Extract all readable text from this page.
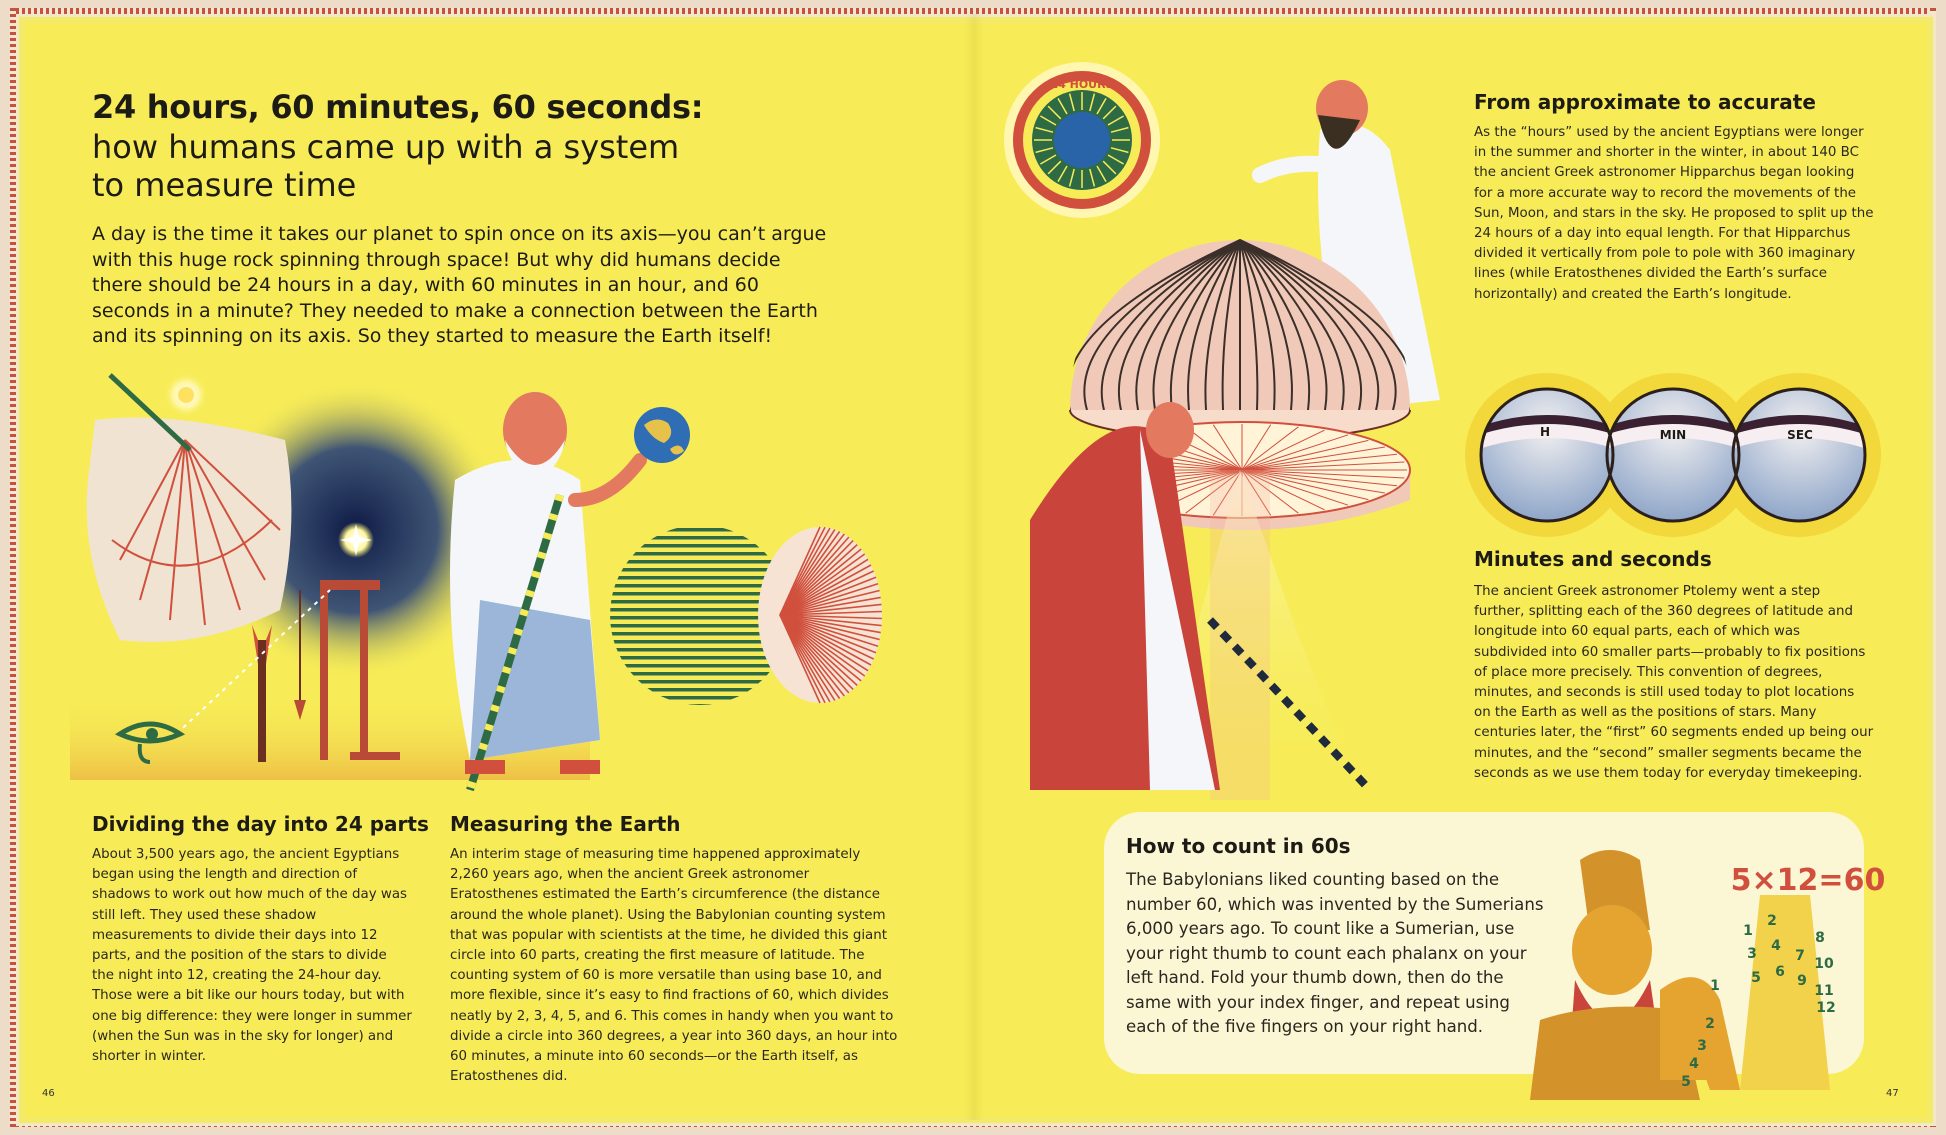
24 HOURS
H	MIN	SEC
1
2
3 4
5 6
7
8
9
10
11
12
1
2
3
4
5
5×12=60
24 hours, 60 minutes, 60 seconds:
how humans came up with a system
to measure time
A day is the time it takes our planet to spin once on its axis—you can’t argue with this huge rock spinning through space! But why did humans decide there should be 24 hours in a day, with 60 minutes in an hour, and 60 seconds in a minute? They needed to make a connection between the Earth and its spinning on its axis. So they started to measure the Earth itself!
Dividing the day into 24 parts
About 3,500 years ago, the ancient Egyptians began using the length and direction of shadows to work out how much of the day was still left. They used these shadow measurements to divide their days into 12 parts, and the position of the stars to divide the night into 12, creating the 24-hour day. Those were a bit like our hours today, but with one big difference: they were longer in summer (when the Sun was in the sky for longer) and shorter in winter.
Measuring the Earth
An interim stage of measuring time happened approximately 2,260 years ago, when the ancient Greek astronomer Eratosthenes estimated the Earth’s circumference (the distance around the whole planet). Using the Babylonian counting system that was popular with scientists at the time, he divided this giant circle into 60 parts, creating the first measure of latitude. The counting system of 60 is more versatile than using base 10, and more flexible, since it’s easy to find fractions of 60, which divides neatly by 2, 3, 4, 5, and 6. This comes in handy when you want to divide a circle into 360 degrees, a year into 360 days, an hour into 60 minutes, a minute into 60 seconds—or the Earth itself, as Eratosthenes did.
From approximate to accurate
As the “hours” used by the ancient Egyptians were longer in the summer and shorter in the winter, in about 140 BC the ancient Greek astronomer Hipparchus began looking for a more accurate way to record the movements of the Sun, Moon, and stars in the sky. He proposed to split up the 24 hours of a day into equal length. For that Hipparchus divided it vertically from pole to pole with 360 imaginary lines (while Eratosthenes divided the Earth’s surface horizontally) and created the Earth’s longitude.
Minutes and seconds
The ancient Greek astronomer Ptolemy went a step further, splitting each of the 360 degrees of latitude and longitude into 60 equal parts, each of which was subdivided into 60 smaller parts—probably to fix positions of place more precisely. This convention of degrees, minutes, and seconds is still used today to plot locations on the Earth as well as the positions of stars. Many centuries later, the “first” 60 segments ended up being our minutes, and the “second” smaller segments became the seconds as we use them today for everyday timekeeping.
How to count in 60s
The Babylonians liked counting based on the number 60, which was invented by the Sumerians 6,000 years ago. To count like a Sumerian, use your right thumb to count each phalanx on your left hand. Fold your thumb down, then do the same with your index finger, and repeat using each of the five fingers on your right hand.
46	47
